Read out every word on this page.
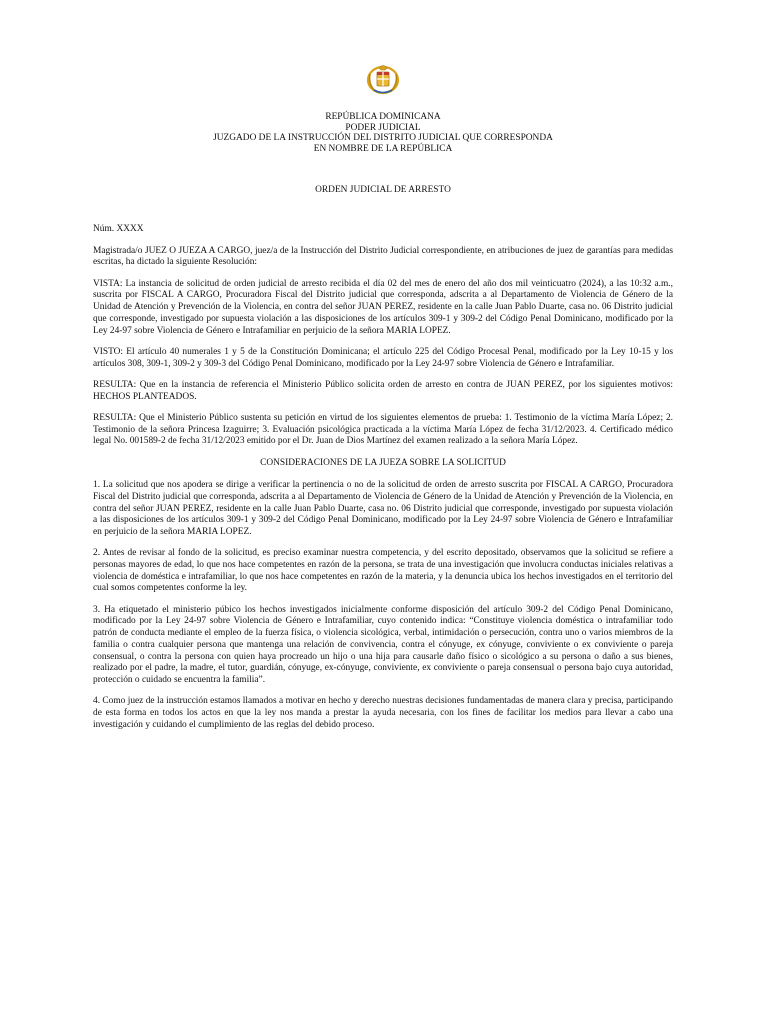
REPÚBLICA DOMINICANA
PODER JUDICIAL
JUZGADO DE LA INSTRUCCIÓN DEL DISTRITO JUDICIAL QUE CORRESPONDA
EN NOMBRE DE LA REPÚBLICA
ORDEN JUDICIAL DE ARRESTO

Núm. XXXX

Magistrada/o JUEZ O JUEZA A CARGO, juez/a de la Instrucción del Distrito Judicial correspondiente, en atribuciones de juez de garantías para medidas escritas, ha dictado la siguiente Resolución:

VISTA: La instancia de solicitud de orden judicial de arresto recibida el día 02 del mes de enero del año dos mil veinticuatro (2024), a las 10:32 a.m., suscrita por FISCAL A CARGO, Procuradora Fiscal del Distrito judicial que corresponda, adscrita a al Departamento de Violencia de Género de la Unidad de Atención y Prevención de la Violencia, en contra del señor JUAN PEREZ, residente en la calle Juan Pablo Duarte, casa no. 06 Distrito judicial que corresponde, investigado por supuesta violación a las disposiciones de los artículos 309-1 y 309-2 del Código Penal Dominicano, modificado por la Ley 24-97 sobre Violencia de Género e Intrafamiliar en perjuicio de la señora MARIA LOPEZ.

VISTO: El artículo 40 numerales 1 y 5 de la Constitución Dominicana; el artículo 225 del Código Procesal Penal, modificado por la Ley 10-15 y los artículos 308, 309-1, 309-2 y 309-3 del Código Penal Dominicano, modificado por la Ley 24-97 sobre Violencia de Género e Intrafamiliar.

RESULTA: Que en la instancia de referencia el Ministerio Público solicita orden de arresto en contra de JUAN PEREZ, por los siguientes motivos: HECHOS PLANTEADOS.

RESULTA: Que el Ministerio Público sustenta su petición en virtud de los siguientes elementos de prueba: 1. Testimonio de la víctima María López; 2. Testimonio de la señora Princesa Izaguirre; 3. Evaluación psicológica practicada a la víctima María López de fecha 31/12/2023. 4. Certificado médico legal No. 001589-2 de fecha 31/12/2023 emitido por el Dr. Juan de Dios Martínez del examen realizado a la señora María López.

CONSIDERACIONES DE LA JUEZA SOBRE LA SOLICITUD

1. La solicitud que nos apodera se dirige a verificar la pertinencia o no de la solicitud de orden de arresto suscrita por FISCAL A CARGO, Procuradora Fiscal del Distrito judicial que corresponda, adscrita a al Departamento de Violencia de Género de la Unidad de Atención y Prevención de la Violencia, en contra del señor JUAN PEREZ, residente en la calle Juan Pablo Duarte, casa no. 06 Distrito judicial que corresponde, investigado por supuesta violación a las disposiciones de los artículos 309-1 y 309-2 del Código Penal Dominicano, modificado por la Ley 24-97 sobre Violencia de Género e Intrafamiliar en perjuicio de la señora MARIA LOPEZ.

2. Antes de revisar al fondo de la solicitud, es preciso examinar nuestra competencia, y del escrito depositado, observamos que la solicitud se refiere a personas mayores de edad, lo que nos hace competentes en razón de la persona, se trata de una investigación que involucra conductas iniciales relativas a violencia de doméstica e intrafamiliar, lo que nos hace competentes en razón de la materia, y la denuncia ubica los hechos investigados en el territorio del cual somos competentes conforme la ley.

3. Ha etiquetado el ministerio púbico los hechos investigados inicialmente conforme disposición del artículo 309-2 del Código Penal Dominicano, modificado por la Ley 24-97 sobre Violencia de Género e Intrafamiliar, cuyo contenido indica: “Constituye violencia doméstica o intrafamiliar todo patrón de conducta mediante el empleo de la fuerza física, o violencia sicológica, verbal, intimidación o persecución, contra uno o varios miembros de la familia o contra cualquier persona que mantenga una relación de convivencia, contra el cónyuge, ex cónyuge, conviviente o ex conviviente o pareja consensual, o contra la persona con quien haya procreado un hijo o una hija para causarle daño físico o sicológico a su persona o daño a sus bienes, realizado por el padre, la madre, el tutor, guardián, cónyuge, ex-cónyuge, conviviente, ex conviviente o pareja consensual o persona bajo cuya autoridad, protección o cuidado se encuentra la familia”.

4. Como juez de la instrucción estamos llamados a motivar en hecho y derecho nuestras decisiones fundamentadas de manera clara y precisa, participando de esta forma en todos los actos en que la ley nos manda a prestar la ayuda necesaria, con los fines de facilitar los medios para llevar a cabo una investigación y cuidando el cumplimiento de las reglas del debido proceso.
